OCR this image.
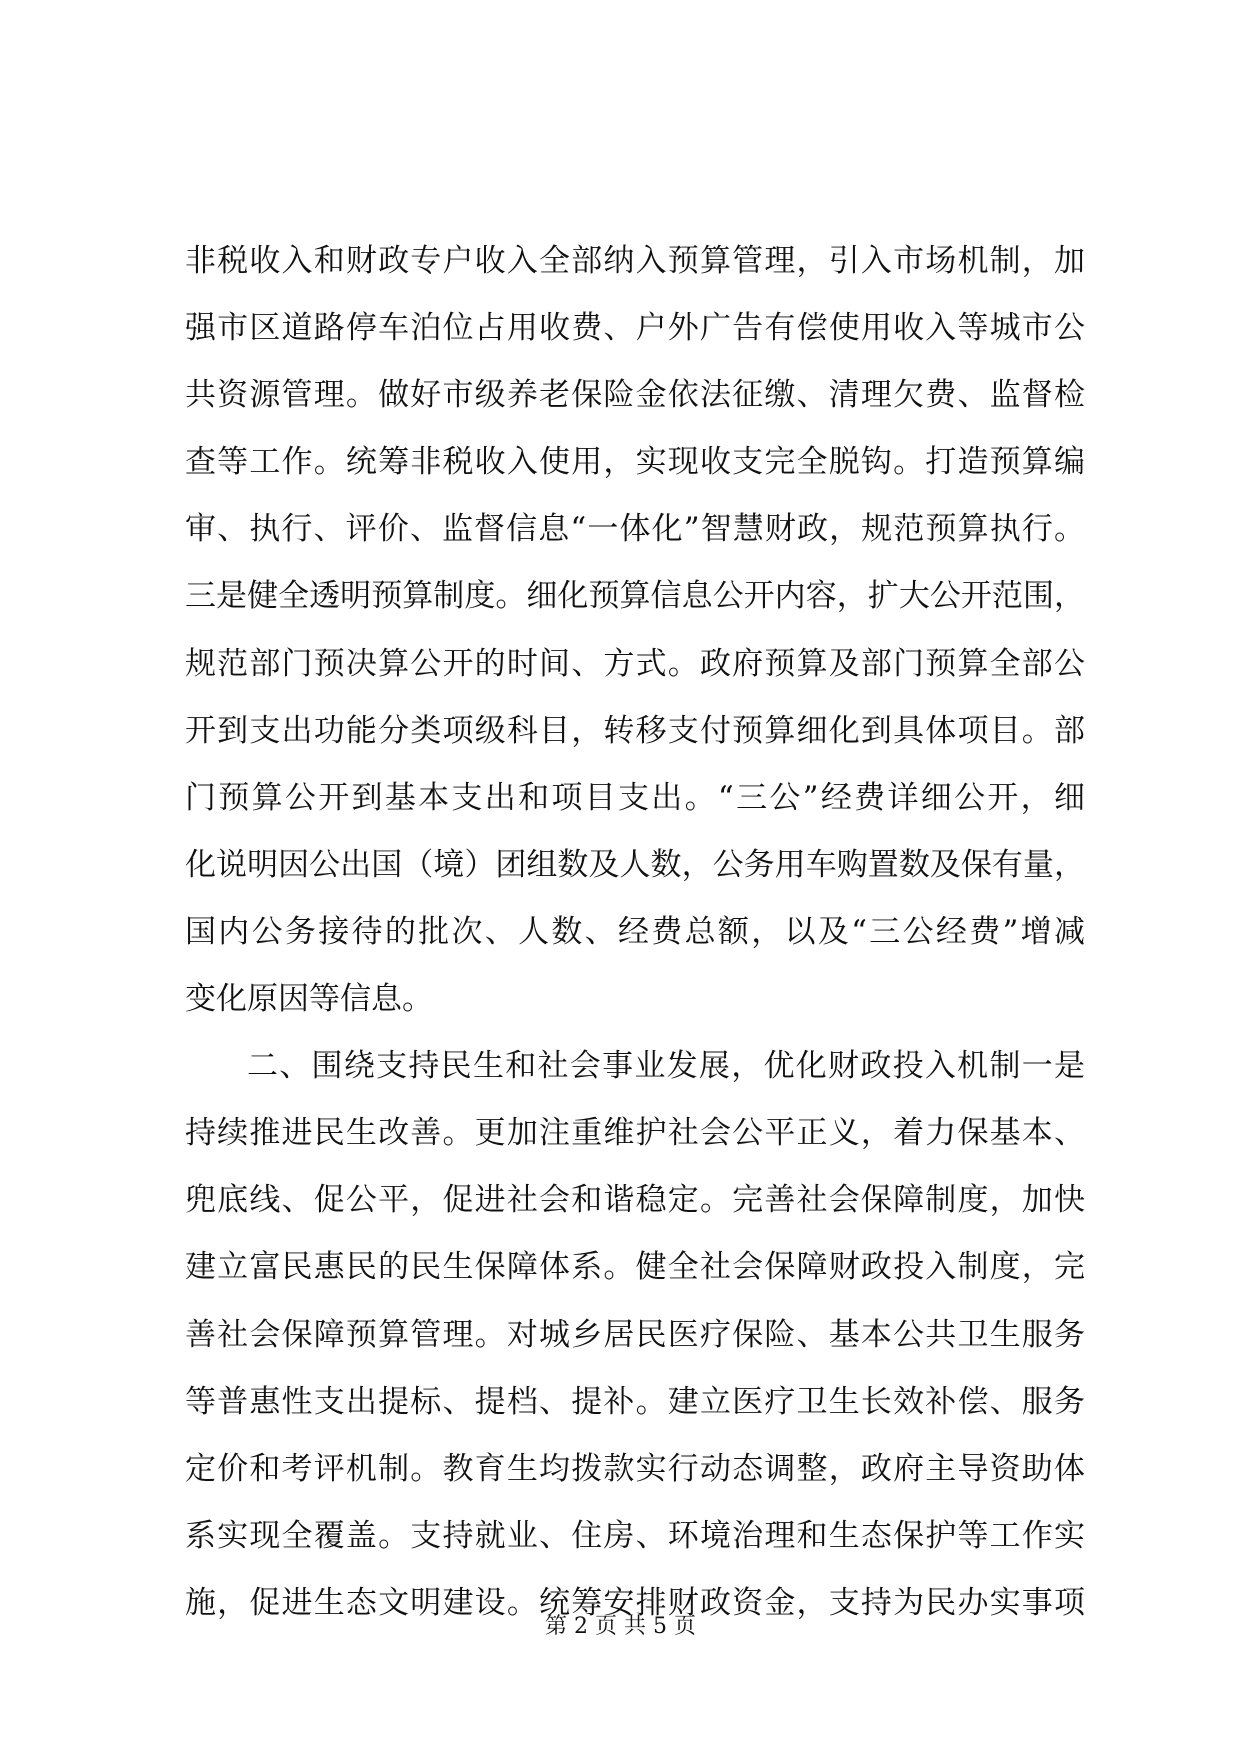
非税收入和财政专户收入全部纳入预算管理，引入市场机制，加
强市区道路停车泊位占用收费、户外广告有偿使用收入等城市公
共资源管理。做好市级养老保险金依法征缴、清理欠费、监督检
查等工作。统筹非税收入使用，实现收支完全脱钩。打造预算编
审、执行、评价、监督信息“一体化”智慧财政，规范预算执行。
三是健全透明预算制度。细化预算信息公开内容，扩大公开范围，
规范部门预决算公开的时间、方式。政府预算及部门预算全部公
开到支出功能分类项级科目，转移支付预算细化到具体项目。部
门预算公开到基本支出和项目支出。“三公”经费详细公开，细
化说明因公出国（境）团组数及人数，公务用车购置数及保有量，
国内公务接待的批次、人数、经费总额，以及“三公经费”增减
变化原因等信息。
二、围绕支持民生和社会事业发展，优化财政投入机制一是
持续推进民生改善。更加注重维护社会公平正义，着力保基本、
兜底线、促公平，促进社会和谐稳定。完善社会保障制度，加快
建立富民惠民的民生保障体系。健全社会保障财政投入制度，完
善社会保障预算管理。对城乡居民医疗保险、基本公共卫生服务
等普惠性支出提标、提档、提补。建立医疗卫生长效补偿、服务
定价和考评机制。教育生均拨款实行动态调整，政府主导资助体
系实现全覆盖。支持就业、住房、环境治理和生态保护等工作实
施，促进生态文明建设。统筹安排财政资金，支持为民办实事项
第 2 页 共 5 页
